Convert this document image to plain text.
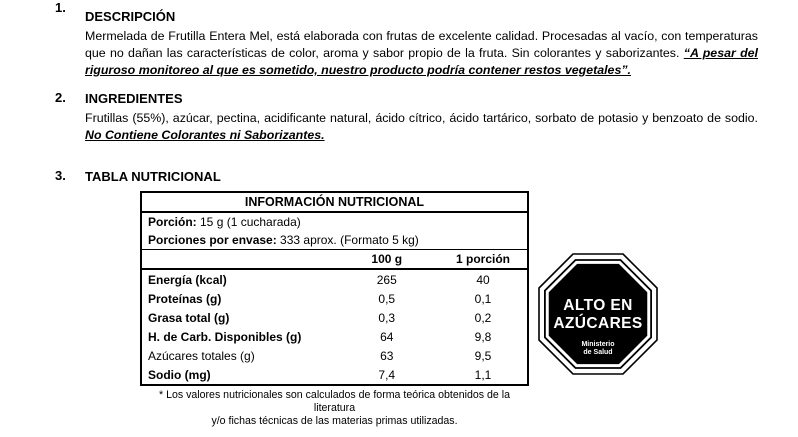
1.
DESCRIPCIÓN
Mermelada de Frutilla Entera Mel, está elaborada con frutas de excelente calidad. Procesadas al vacío, con temperaturas que no dañan las características de color, aroma y sabor propio de la fruta. Sin colorantes y saborizantes. “A pesar del riguroso monitoreo al que es sometido, nuestro producto podría contener restos vegetales”.
2. INGREDIENTES
Frutillas (55%), azúcar, pectina, acidificante natural, ácido cítrico, ácido tartárico, sorbato de potasio y benzoato de sodio. No Contiene Colorantes ni Saborizantes.
3. TABLA NUTRICIONAL
INFORMACIÓN NUTRICIONAL		
Porción: 15 g (1 cucharada)		
Porciones por envase: 333 aprox. (Formato 5 kg)		
	100 g	1 porción
Energía (kcal)	265	40
Proteínas (g)	0,5	0,1
Grasa total (g)	0,3	0,2
H. de Carb. Disponibles (g)	64	9,8
Azúcares totales (g)	63	9,5
Sodio (mg)	7,4	1,1
* Los valores nutricionales son calculados de forma teórica obtenidos de la literatura
y/o fichas técnicas de las materias primas utilizadas.
ALTO EN
AZÚCARES
Ministerio
de Salud
